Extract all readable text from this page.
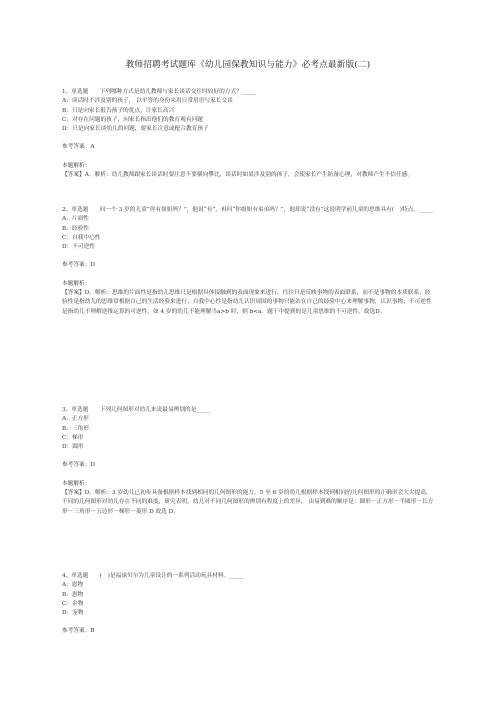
教师招聘考试题库《幼儿园保教知识与能力》必考点最新版(二)
1、单选题　　下列哪种方式是幼儿教师与家长谈话交往时较好的方式？_____
A：谈话时不涉及别的孩子， 以平等的身份采用日常用语与家长交谈
B：只是向家长报告孩子的优点，让家长高兴
C：对存在问题的孩子，向家长指出他们的教育观有问题
D：只是向家长谈幼儿的问题，要家长注意或配合教育孩子
参考答案：A
本题解析：
【答案】A。解析：幼儿教师跟家长谈话时要注意不要横向攀比，谈话时如果涉及别的孩子，会使家长产生防备心理，对教师产生不信任感。
2、单选题　　问一个 3 岁的儿童“你有姐姐吗？”，他说“有”，再问“你姐姐有弟弟吗？”，他却说“没有”这说明学前儿童的思维具有(　)特点。_____
A：片面性
B：经验性
C：自我中心性
D：不可逆性
参考答案：D
本题解析：
【答案】D。解析：思维的片面性是指幼儿思维只是根据具体接触到的表面现象来进行，往往只是反映事物的表面联系，而不是事物的本质联系；经验性是指幼儿的思维常根据自己的生活经验来进行；自我中心性是指幼儿认识周围的事物只能站在自己的经验中心来理解事物，认识事物；不可逆性是指幼儿不理解逆推运算的可逆性，如 4 岁的幼儿不能理解当a>b 时，则 b<a。题干中提到的是儿童思维的不可逆性，故选D。
3、单选题　　下列几何图形对幼儿来说最易辨别的是_____
A：正方形
B：三角形
C：梯形
D：圆形
参考答案：D
本题解析：
【答案】D。解析：3 岁幼儿已初步具备根据样本找到相同的几何图形的能力，5 至 6 岁的幼儿根据样本找到相同的几何图形的正确率会大大提高，不同的几何图形对幼儿存在不同的难度，研究表明，幼儿对不同几何图形的辨别有程度上的差异， 由易到难的顺序是：圆形－正方形－半圆形－长方形－三角形－五边形－梯形－菱形 D 故选 D。
4、单选题　　(　)是福禄贝尔为儿童设计的一系列活动玩具材料。_____
A：恩物
B：恩物
C：金物
D：宠物
参考答案：B
